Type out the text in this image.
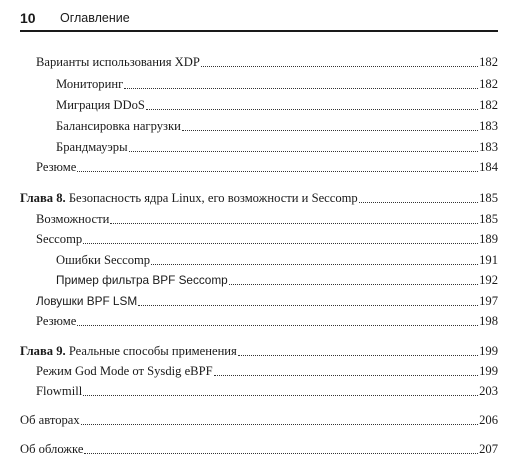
10	Оглавление
Варианты использования XDP	182
Мониторинг	182
Миграция DDoS	182
Балансировка нагрузки	183
Брандмауэры	183
Резюме	184
Глава 8. Безопасность ядра Linux, его возможности и Seccomp	185
Возможности	185
Seccomp	189
Ошибки Seccomp	191
Пример фильтра BPF Seccomp	192
Ловушки BPF LSM	197
Резюме	198
Глава 9. Реальные способы применения	199
Режим God Mode от Sysdig eBPF	199
Flowmill	203
Об авторах	206
Об обложке	207
